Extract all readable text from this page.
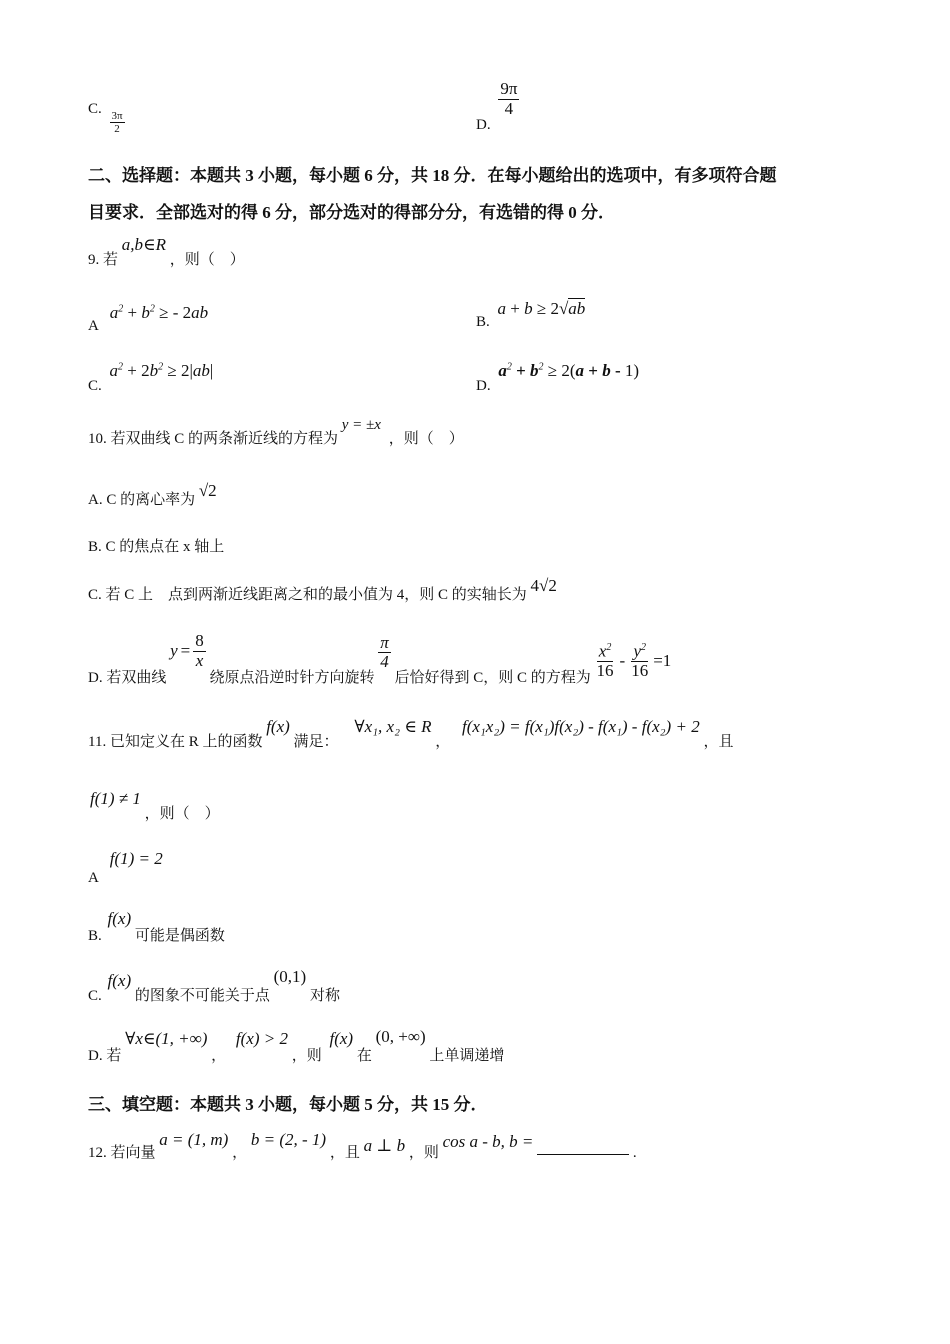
C.
$\frac{3\pi}{2}$	D.
$\frac{9\pi}{4}$
二、选择题：本题共 3 小题，每小题 6 分，共 18 分．在每小题给出的选项中，有多项符合题
目要求．全部选对的得 6 分，部分选对的得部分分，有选错的得 0 分．
9. 若 a,b∈R ，则（　）
A $a^2 + b^2$ ≥ - 2ab
B. a + b ≥ 2√ab
C. $a^2 + 2b^2 \ge 2|ab|$
D. $a^2 + b^2 \ge 2(a + b - 1)$
10. 若双曲线 C 的两条渐近线的方程为 y = ±x ，则（　）
A. C 的离心率为 √2
B. C 的焦点在 x 轴上
C. 若 C 上　点到两渐近线距离之和的最小值为 4，则 C 的实轴长为 4√2
D. 若双曲线
$y = \frac{8}{x}$
绕原点沿逆时针方向旋转
$\frac{\pi}{4}$
后恰好得到 C，则 C 的方程为 $\frac{x^2}{16} - \frac{y^2}{16} =1$
11. 已知定义在 R 上的函数 f(x) 满足： ∀x₁, x₂ ∈ R ， f(x₁x₂) = f(x₁)f(x₂) - f(x₁) - f(x₂) + 2 ，且
f(1) ≠ 1 ，则（　）
A f(1) = 2
B. f(x) 可能是偶函数
C. f(x) 的图象不可能关于点 (0,1) 对称
D. 若 ∀x∈(1, +∞) ， f(x) > 2 ，则 f(x) 在 (0, +∞) 上单调递增
三、填空题：本题共 3 小题，每小题 5 分，共 15 分．
12. 若向量 a = (1, m) ， b = (2, - 1) ，且 a ⊥ b ，则 cos a - b, b =  .
